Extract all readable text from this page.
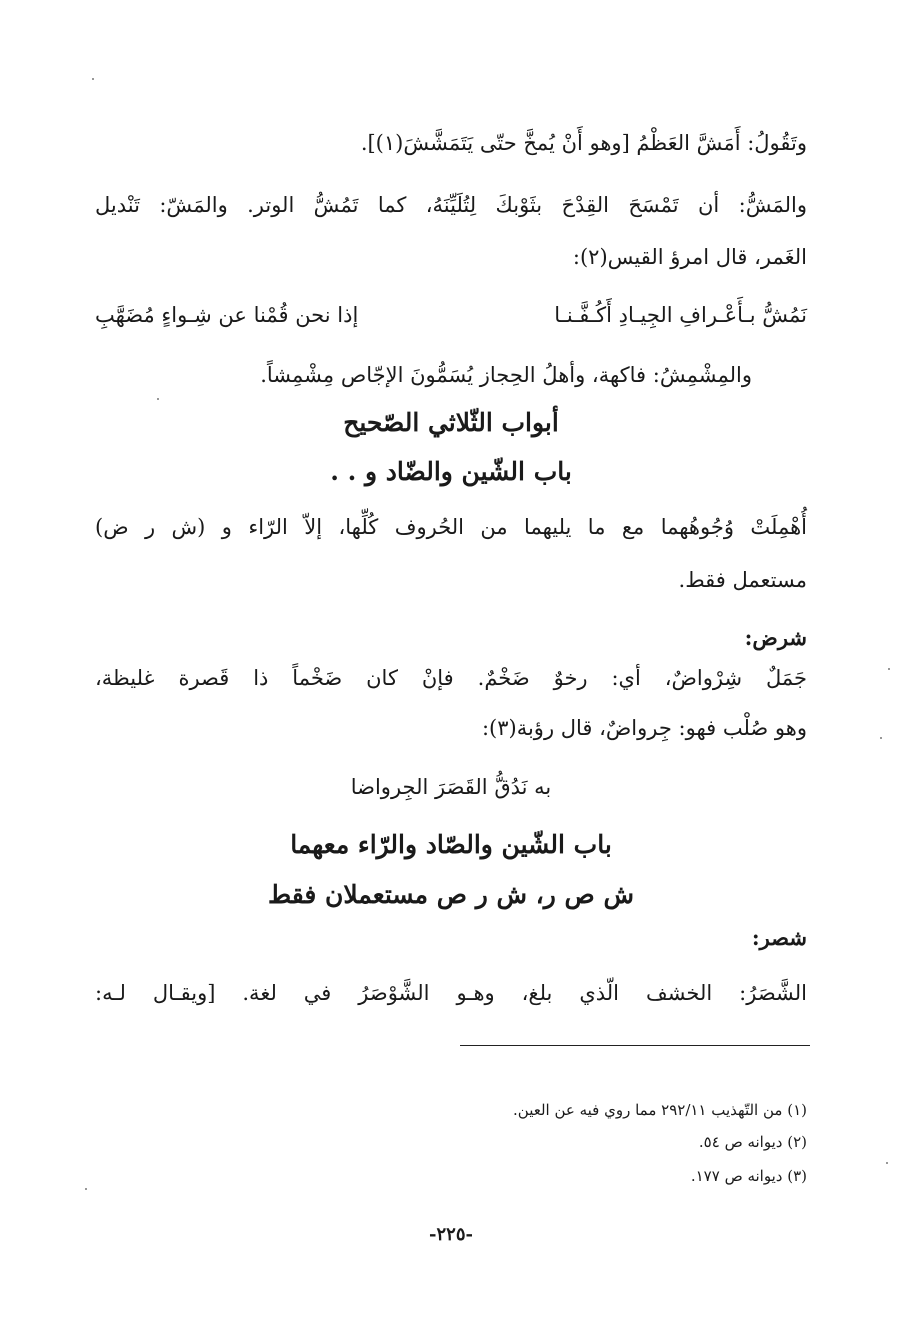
وتَقُولُ: أَمَشَّ العَظْمُ [وهو أَنْ يُمخَّ حتّى يَتَمَشَّشَ(١)].
والمَشُّ: أن تَمْسَحَ القِدْحَ بثَوْبكَ لِتُلَيِّنَهُ، كما تَمُشُّ الوتر. والمَشّ: تَنْديل
الغَمر، قال امرؤ القيس(٢):
نَمُشُّ بـأَعْـرافِ الجِيـادِ أَكُـفَّـنـا
إذا نحن قُمْنا عن شِـواءٍ مُضَهَّبِ
والمِشْمِشُ: فاكهة، وأهلُ الحِجاز يُسَمُّونَ الإجّاص مِشْمِشاً.
أبواب الثّلاثي الصّحيح
باب الشّين والضّاد و . .
أُهْمِلَتْ وُجُوهُهما مع ما يليهما من الحُروف كُلِّها، إلاّ الرّاء و (ش ر ض)
مستعمل فقط.
شرض:
جَمَلٌ شِرْواضٌ، أي: رخوٌ ضَخْمٌ. فإنْ كان ضَخْماً ذا قَصرة غليظة،
وهو صُلْب فهو: جِرواضٌ، قال رؤبة(٣):
به نَدُقُّ القَصَرَ الجِرواضا
باب الشّين والصّاد والرّاء معهما
ش ص ر، ش ر ص مستعملان فقط
شصر:
الشَّصَرُ: الخشف الّذي بلغ، وهـو الشَّوْصَرُ في لغة. [ويقـال لـه:
(١) من التّهذيب ٢٩٢/١١ مما روي فيه عن العين.
(٢) ديوانه ص ٥٤.
(٣) ديوانه ص ١٧٧.
-٢٢٥-
